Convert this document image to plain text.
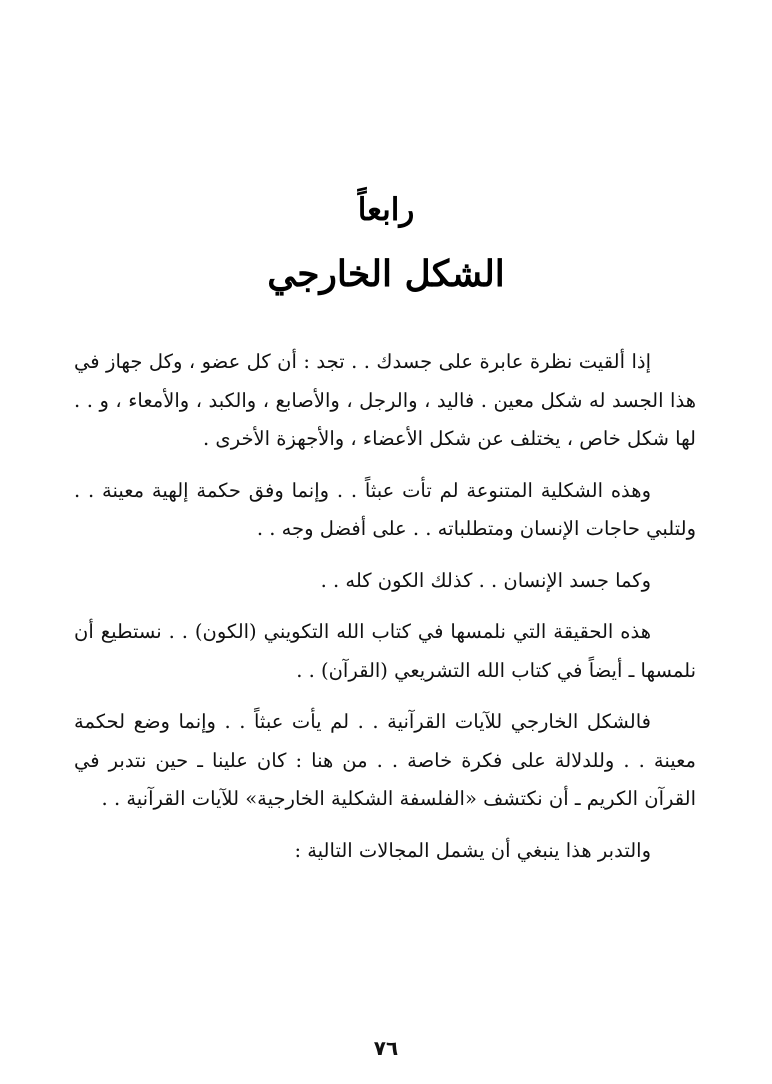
رابعاً
الشكل الخارجي

إذا ألقيت نظرة عابرة على جسدك . . تجد : أن كل عضو ، وكل جهاز في هذا الجسد له شكل معين . فاليد ، والرجل ، والأصابع ، والكبد ، والأمعاء ، و . . لها شكل خاص ، يختلف عن شكل الأعضاء ، والأجهزة الأخرى .

وهذه الشكلية المتنوعة لم تأت عبثاً . . وإنما وفق حكمة إلهية معينة . . ولتلبي حاجات الإنسان ومتطلباته . . على أفضل وجه . .

وكما جسد الإنسان . . كذلك الكون كله . .

هذه الحقيقة التي نلمسها في كتاب الله التكويني (الكون) . . نستطيع أن نلمسها ـ أيضاً في كتاب الله التشريعي (القرآن) . .

فالشكل الخارجي للآيات القرآنية . . لم يأت عبثاً . . وإنما وضع لحكمة معينة . . وللدلالة على فكرة خاصة . . من هنا : كان علينا ـ حين نتدبر في القرآن الكريم ـ أن نكتشف «الفلسفة الشكلية الخارجية» للآيات القرآنية . .

والتدبر هذا ينبغي أن يشمل المجالات التالية :

٧٦
